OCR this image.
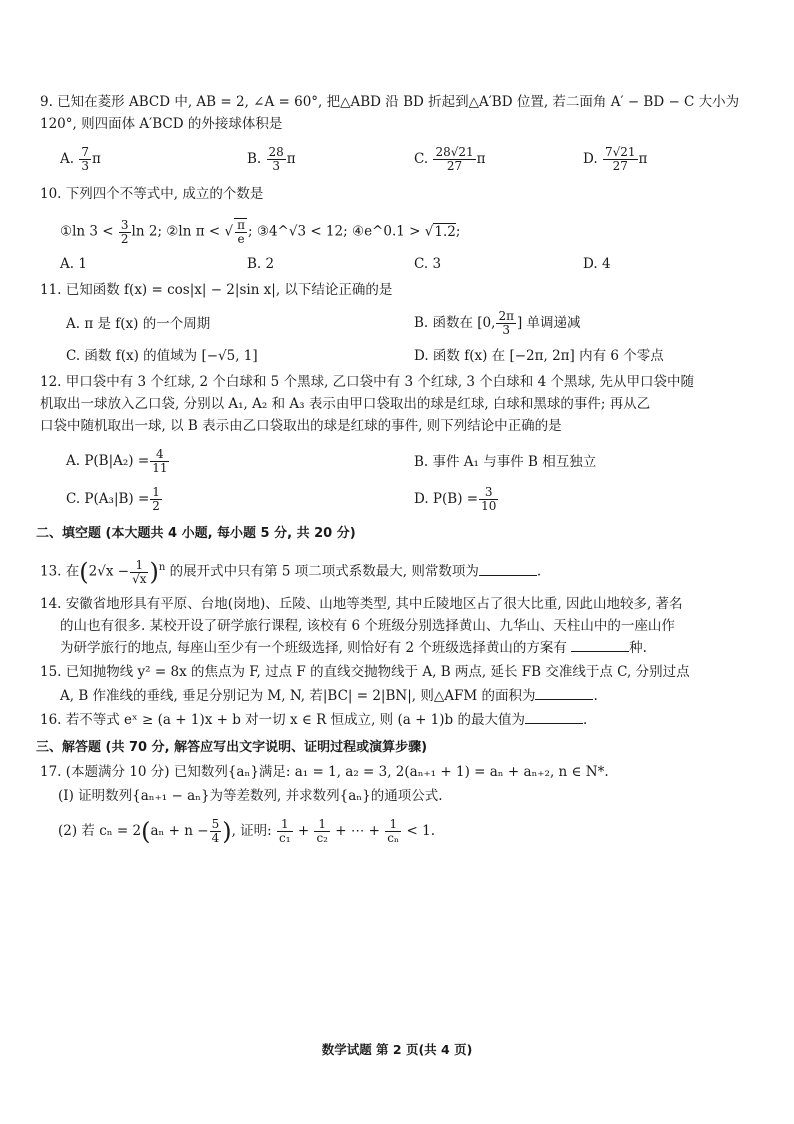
9. 已知在菱形 ABCD 中, AB = 2, ∠A = 60°, 把△ABD 沿 BD 折起到△A′BD 位置, 若二面角 A′ − BD − C 大小为
120°, 则四面体 A′BCD 的外接球体积是
A. $\frac{7}{3}$ π	B. $\frac{28}{3}$ π	C. $\frac{28√21}{27}$ π	D. $\frac{7√21}{27}$ π
10. 下列四个不等式中, 成立的个数是
①ln $3 < \frac{3}{2}$ ln 2; ②ln π < √ $\frac{\pi}{e}$ ; ③4^√3 < 12; ④e^0.1 > √1.2;
A. 1	B. 2	C. 3	D. 4
11. 已知函数 f(x) = cos|x| − 2|sin x|, 以下结论正确的是
A. π 是 f(x) 的一个周期	B. 函数在 [0, $\frac{2\pi}{3}$ ] 单调递减
C. 函数 f(x) 的值域为 [−√5, 1]	D. 函数 f(x) 在 [−2π, 2π] 内有 6 个零点
12. 甲口袋中有 3 个红球, 2 个白球和 5 个黑球, 乙口袋中有 3 个红球, 3 个白球和 4 个黑球, 先从甲口袋中随
机取出一球放入乙口袋, 分别以 A₁, A₂ 和 A₃ 表示由甲口袋取出的球是红球, 白球和黑球的事件; 再从乙
口袋中随机取出一球, 以 B 表示由乙口袋取出的球是红球的事件, 则下列结论中正确的是
A. $P(B|A_2) = \frac{4}{11}$	B. 事件 A₁ 与事件 B 相互独立
C. $P(A_3|B) = \frac{1}{2}$	D. $P(B) = \frac{3}{10}$
二、填空题 (本大题共 4 小题, 每小题 5 分, 共 20 分)
13. 在$(2√x - \frac{1}{√x} )^n$ 的展开式中只有第 5 项二项式系数最大, 则常数项为	.
14. 安徽省地形具有平原、台地(岗地)、丘陵、山地等类型, 其中丘陵地区占了很大比重, 因此山地较多, 著名
的山也有很多. 某校开设了研学旅行课程, 该校有 6 个班级分别选择黄山、九华山、天柱山中的一座山作
为研学旅行的地点, 每座山至少有一个班级选择, 则恰好有 2 个班级选择黄山的方案有	种.
15. 已知抛物线 y² = 8x 的焦点为 F, 过点 F 的直线交抛物线于 A, B 两点, 延长 FB 交准线于点 C, 分别过点
A, B 作准线的垂线, 垂足分别记为 M, N, 若|BC| = 2|BN|, 则△AFM 的面积为	.
16. 若不等式 eˣ ≥ (a + 1)x + b 对一切 x ∈ R 恒成立, 则 (a + 1)b 的最大值为	.
三、解答题 (共 70 分, 解答应写出文字说明、证明过程或演算步骤)
17. (本题满分 10 分) 已知数列{aₙ}满足: a₁ = 1, a₂ = 3, 2(aₙ₊₁ + 1) = aₙ + aₙ₊₂, n ∈ N*.
(Ⅰ) 证明数列{aₙ₊₁ − aₙ}为等差数列, 并求数列{aₙ}的通项公式.
(2) 若 $c_n = 2(a_n + n - \frac{5}{4}$ ), 证明: $\frac{1}{\text{c₁}} + \frac{1}{\text{c₂}}$ + ⋯ + $\frac{1}{\text{cₙ}} < 1$.
数学试题 第 2 页(共 4 页)
